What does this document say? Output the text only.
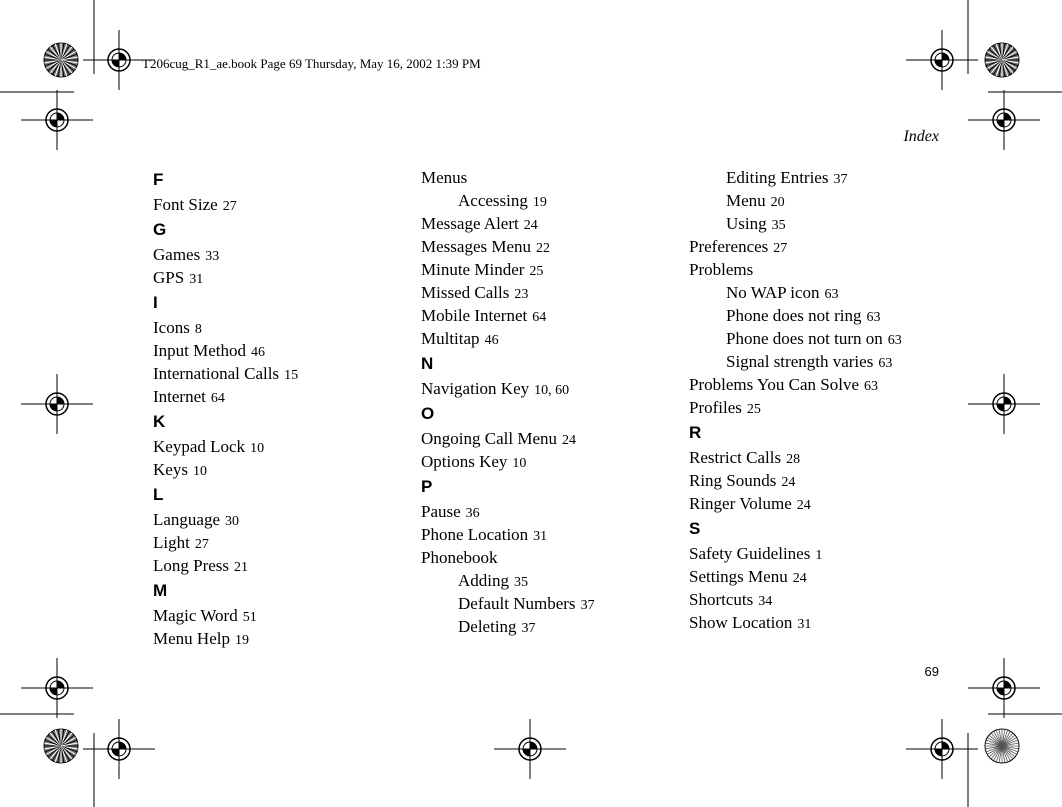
T206cug_R1_ae.book Page 69 Thursday, May 16, 2002 1:39 PM
Index
69
F
Font Size 27
G
Games 33
GPS 31
I
Icons 8
Input Method 46
International Calls 15
Internet 64
K
Keypad Lock 10
Keys 10
L
Language 30
Light 27
Long Press 21
M
Magic Word 51
Menu Help 19
Menus
Accessing 19
Message Alert 24
Messages Menu 22
Minute Minder 25
Missed Calls 23
Mobile Internet 64
Multitap 46
N
Navigation Key 10, 60
O
Ongoing Call Menu 24
Options Key 10
P
Pause 36
Phone Location 31
Phonebook
Adding 35
Default Numbers 37
Deleting 37
Editing Entries 37
Menu 20
Using 35
Preferences 27
Problems
No WAP icon 63
Phone does not ring 63
Phone does not turn on 63
Signal strength varies 63
Problems You Can Solve 63
Profiles 25
R
Restrict Calls 28
Ring Sounds 24
Ringer Volume 24
S
Safety Guidelines 1
Settings Menu 24
Shortcuts 34
Show Location 31
